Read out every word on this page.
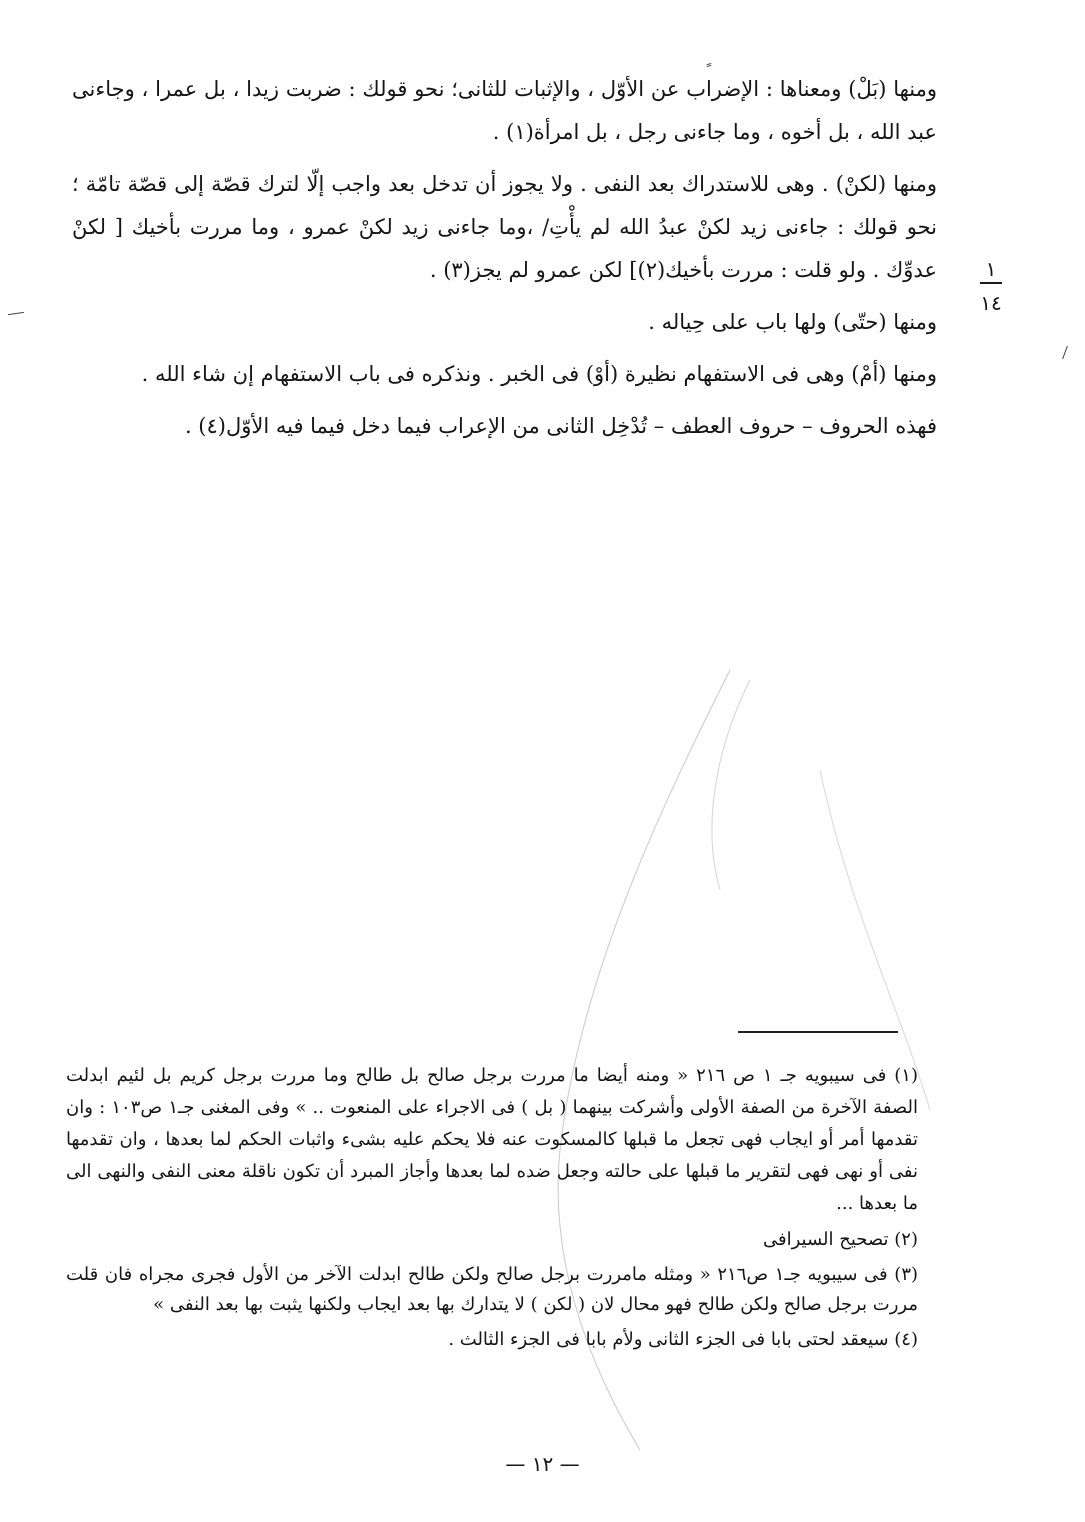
ومنها (بَلْ) ومعناها : الإضراب عن الأوّل ، والإثبات للثانى؛ نحو قولك : ضربت زيدا ، بل عمرا ، وجاءنى عبد الله ، بل أخوه ، وما جاءنى رجل ، بل امرأة(١) .

ومنها (لكنْ) . وهى للاستدراك بعد النفى . ولا يجوز أن تدخل بعد واجب إلّا لترك قصّة إلى قصّة تامّة ؛ نحو قولك : جاءنى زيد لكنْ عبدُ الله لم يأْتِ/ ،وما جاءنى زيد لكنْ عمرو ، وما مررت بأخيك [ لكنْ عدوِّك . ولو قلت : مررت بأخيك(٢)] لكن عمرو لم يجز(٣) .

ومنها (حتّى) ولها باب على حِياله .

ومنها (أمْ) وهى فى الاستفهام نظيرة (أوْ) فى الخبر . ونذكره فى باب الاستفهام إن شاء الله .

فهذه الحروف – حروف العطف – تُدْخِل الثانى من الإعراب فيما دخل فيما فيه الأوّل(٤) .

١
١٤

(١) فى سيبويه جـ ١ ص ٢١٦ « ومنه أيضا ما مررت برجل صالح بل طالح وما مررت برجل كريم بل لئيم ابدلت الصفة الآخرة من الصفة الأولى وأشركت بينهما ( بل ) فى الاجراء على المنعوت .. » وفى المغنى جـ١ ص١٠٣ : وان تقدمها أمر أو ايجاب فهى تجعل ما قبلها كالمسكوت عنه فلا يحكم عليه بشىء واثبات الحكم لما بعدها ، وان تقدمها نفى أو نهى فهى لتقرير ما قبلها على حالته وجعل ضده لما بعدها وأجاز المبرد أن تكون ناقلة معنى النفى والنهى الى ما بعدها ...

(٢) تصحيح السيرافى

(٣) فى سيبويه جـ١ ص٢١٦ « ومثله مامررت برجل صالح ولكن طالح ابدلت الآخر من الأول فجرى مجراه فان قلت مررت برجل صالح ولكن طالح فهو محال لان ( لكن ) لا يتدارك بها بعد ايجاب ولكنها يثبت بها بعد النفى »

(٤) سيعقد لحتى بابا فى الجزء الثانى ولأم بابا فى الجزء الثالث .

— ١٢ —
